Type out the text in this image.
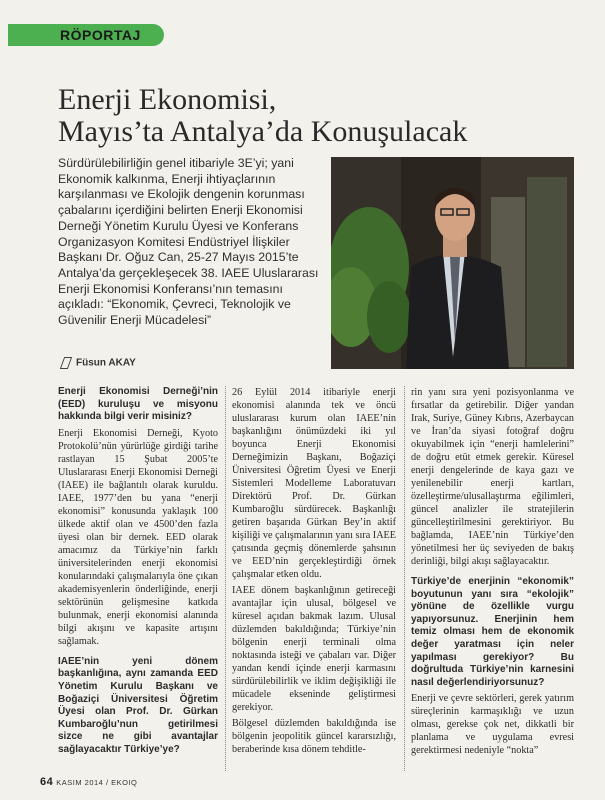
RÖPORTAJ
Enerji Ekonomisi,
Mayıs’ta Antalya’da Konuşulacak
Sürdürülebilirliğin genel itibariyle 3E’yi; yani Ekonomik kalkınma, Enerji ihtiyaçlarının karşılanması ve Ekolojik dengenin korunması çabalarını içerdiğini belirten Enerji Ekonomisi Derneği Yönetim Kurulu Üyesi ve Konferans Organizasyon Komitesi Endüstriyel İlişkiler Başkanı Dr. Oğuz Can, 25-27 Mayıs 2015’te Antalya’da gerçekleşecek 38. IAEE Uluslararası Enerji Ekonomisi Konferansı’nın temasını açıkladı: “Ekonomik, Çevreci, Teknolojik ve Güvenilir Enerji Mücadelesi”
Füsun AKAY

Enerji Ekonomisi Derneği’nin (EED) kuruluşu ve misyonu hakkında bilgi verir misiniz?

Enerji Ekonomisi Derneği, Kyoto Protokolü’nün yürürlüğe girdiği tarihe rastlayan 15 Şubat 2005’te Uluslararası Enerji Ekonomisi Derneği (IAEE) ile bağlantılı olarak kuruldu. IAEE, 1977’den bu yana “enerji ekonomisi” konusunda yaklaşık 100 ülkede aktif olan ve 4500’den fazla üyesi olan bir dernek. EED olarak amacımız da Türkiye’nin farklı üniversitelerinden enerji ekonomisi konularındaki çalışmalarıyla öne çıkan akademisyenlerin önderliğinde, enerji sektörünün gelişmesine katkıda bulunmak, enerji ekonomisi alanında bilgi akışını ve kapasite artışını sağlamak.

IAEE’nin yeni dönem başkanlığına, aynı zamanda EED Yönetim Kurulu Başkanı ve Boğaziçi Üniversitesi Öğretim Üyesi olan Prof. Dr. Gürkan Kumbaroğlu’nun getirilmesi sizce ne gibi avantajlar sağlayacaktır Türkiye’ye?

26 Eylül 2014 itibariyle enerji ekonomisi alanında tek ve öncü uluslararası kurum olan IAEE’nin başkanlığını önümüzdeki iki yıl boyunca Enerji Ekonomisi Derneğimizin Başkanı, Boğaziçi Üniversitesi Öğretim Üyesi ve Enerji Sistemleri Modelleme Laboratuvarı Direktörü Prof. Dr. Gürkan Kumbaroğlu sürdürecek. Başkanlığı getiren başarıda Gürkan Bey’in aktif kişiliği ve çalışmalarının yanı sıra IAEE çatısında geçmiş dönemlerde şahsının ve EED’nin gerçekleştirdiği örnek çalışmalar etken oldu.

IAEE dönem başkanlığının getireceği avantajlar için ulusal, bölgesel ve küresel açıdan bakmak lazım. Ulusal düzlemden bakıldığında; Türkiye’nin bölgenin enerji terminali olma noktasında isteği ve çabaları var. Diğer yandan kendi içinde enerji karmasını sürdürülebilirlik ve iklim değişikliği ile mücadele ekseninde geliştirmesi gerekiyor.

Bölgesel düzlemden bakıldığında ise bölgenin jeopolitik güncel kararsızlığı, beraberinde kısa dönem tehditle-

rin yanı sıra yeni pozisyonlanma ve fırsatlar da getirebilir. Diğer yandan Irak, Suriye, Güney Kıbrıs, Azerbaycan ve İran’da siyasi fotoğraf doğru okuyabilmek için “enerji hamlelerini” de doğru etüt etmek gerekir. Küresel enerji dengelerinde de kaya gazı ve yenilenebilir enerji kartları, özelleştirme/ulusallaştırma eğilimleri, güncel analizler ile stratejilerin güncelleştirilmesini gerektiriyor. Bu bağlamda, IAEE’nin Türkiye’den yönetilmesi her üç seviyeden de bakış derinliği, bilgi akışı sağlayacaktır.

Türkiye’de enerjinin “ekonomik” boyutunun yanı sıra “ekolojik” yönüne de özellikle vurgu yapıyorsunuz. Enerjinin hem temiz olması hem de ekonomik değer yaratması için neler yapılması gerekiyor? Bu doğrultuda Türkiye’nin karnesini nasıl değerlendiriyorsunuz?

Enerji ve çevre sektörleri, gerek yatırım süreçlerinin karmaşıklığı ve uzun olması, gerekse çok net, dikkatli bir planlama ve uygulama evresi gerektirmesi nedeniyle “nokta”

64 KASIM 2014 / EKOIQ
